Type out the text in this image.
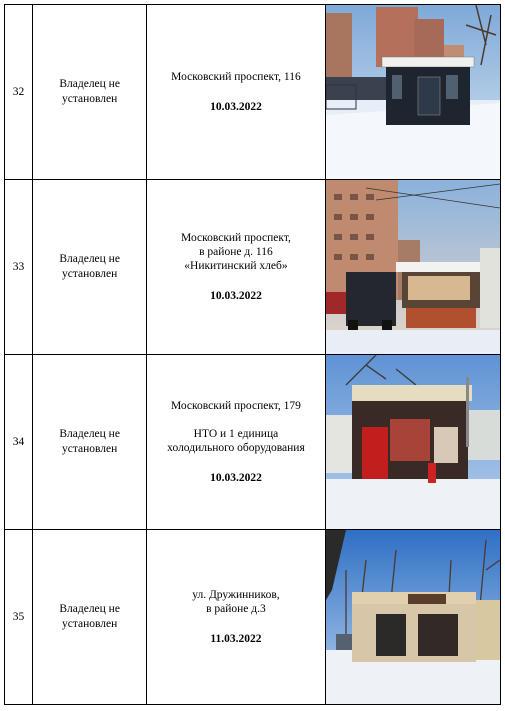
32	Владелец не установлен	Московский проспект, 116
10.03.2022

33	Владелец не установлен	Московский проспект,
в районе д. 116
«Никитинский хлеб»
10.03.2022

34	Владелец не установлен	Московский проспект, 179
НТО и 1 единица
холодильного оборудования
10.03.2022

35	Владелец не установлен	ул. Дружинников,
в районе д.3
11.03.2022
